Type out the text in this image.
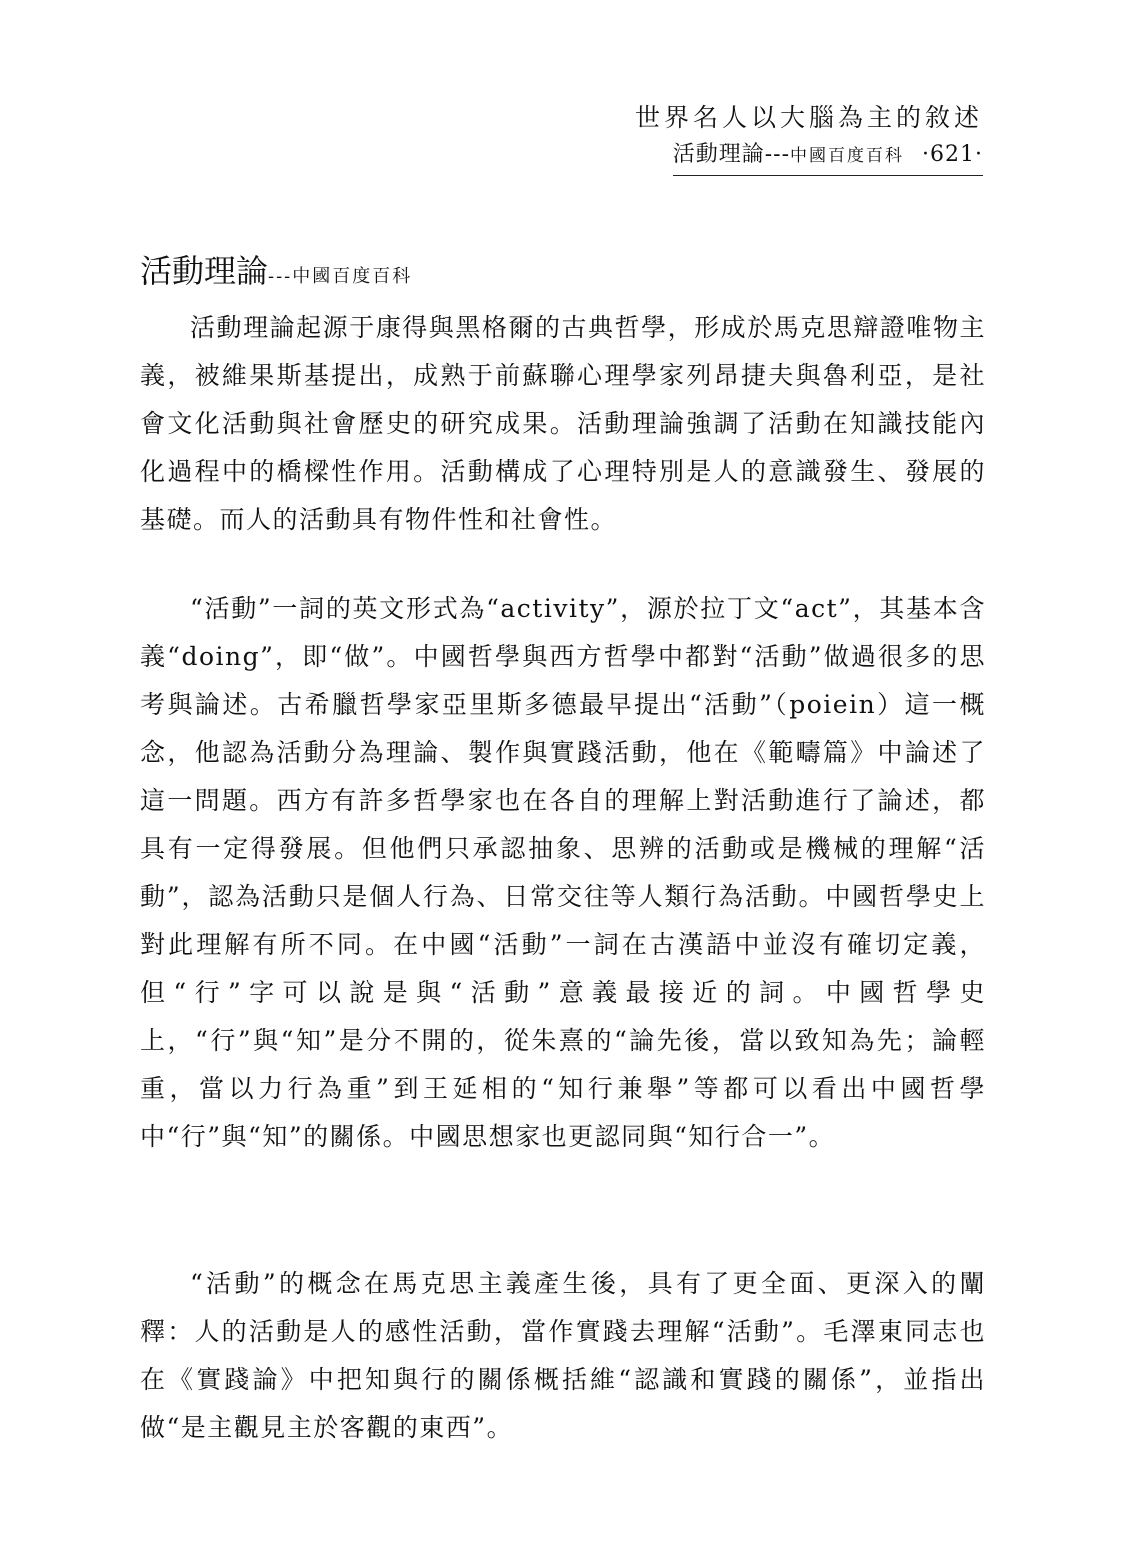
世界名人以大腦為主的敘述
活動理論---中國百度百科 ·621·
活動理論---中國百度百科

活動理論起源于康得與黑格爾的古典哲學，形成於馬克思辯證唯物主義，被維果斯基提出，成熟于前蘇聯心理學家列昂捷夫與魯利亞，是社會文化活動與社會歷史的研究成果。活動理論強調了活動在知識技能內化過程中的橋樑性作用。活動構成了心理特別是人的意識發生、發展的基礎。而人的活動具有物件性和社會性。

“活動”一詞的英文形式為“activity”，源於拉丁文“act”，其基本含義“doing”，即“做”。中國哲學與西方哲學中都對“活動”做過很多的思考與論述。古希臘哲學家亞里斯多德最早提出“活動”（poiein）這一概念，他認為活動分為理論、製作與實踐活動，他在《範疇篇》中論述了這一問題。西方有許多哲學家也在各自的理解上對活動進行了論述，都具有一定得發展。但他們只承認抽象、思辨的活動或是機械的理解“活動”，認為活動只是個人行為、日常交往等人類行為活動。中國哲學史上對此理解有所不同。在中國“活動”一詞在古漢語中並沒有確切定義，但“行”字可以說是與“活動”意義最接近的詞。中國哲學史上，“行”與“知”是分不開的，從朱熹的“論先後，當以致知為先；論輕重，當以力行為重”到王延相的“知行兼舉”等都可以看出中國哲學中“行”與“知”的關係。中國思想家也更認同與“知行合一”。

“活動”的概念在馬克思主義產生後，具有了更全面、更深入的闡釋：人的活動是人的感性活動，當作實踐去理解“活動”。毛澤東同志也在《實踐論》中把知與行的關係概括維“認識和實踐的關係”，並指出做“是主觀見主於客觀的東西”。
